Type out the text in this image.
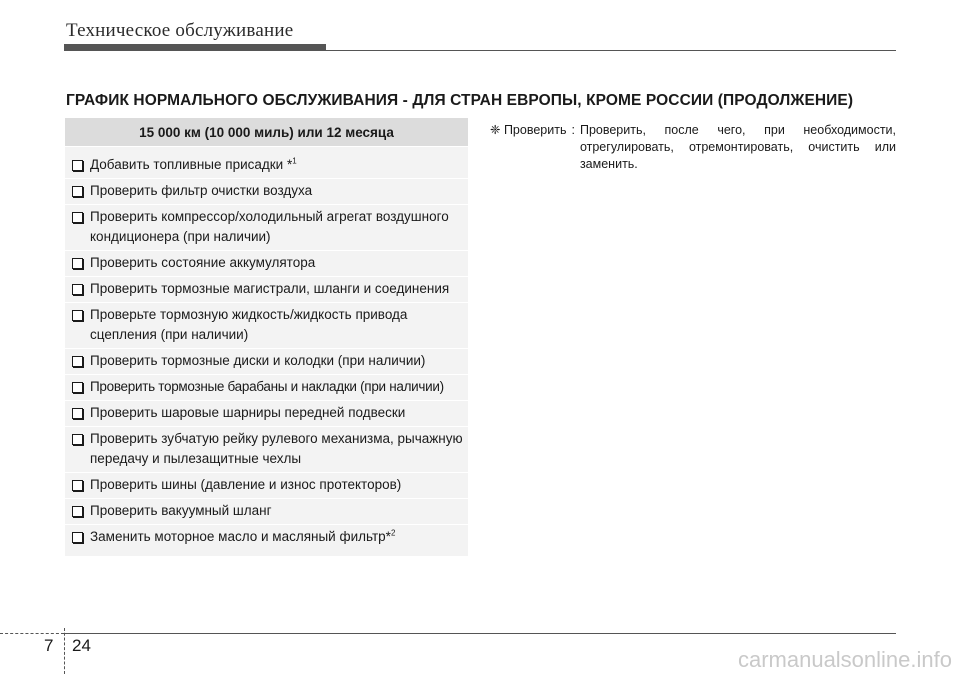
Техническое обслуживание
ГРАФИК НОРМАЛЬНОГО ОБСЛУЖИВАНИЯ - ДЛЯ СТРАН ЕВРОПЫ, КРОМЕ РОССИИ (ПРОДОЛЖЕНИЕ)
15 000 км (10 000 миль) или 12 месяца
Добавить топливные присадки *$^1$
Проверить фильтр очистки воздуха
Проверить компрессор/холодильный агрегат воздушного кондиционера (при наличии)
Проверить состояние аккумулятора
Проверить тормозные магистрали, шланги и соединения
Проверьте тормозную жидкость/жидкость привода сцепления (при наличии)
Проверить тормозные диски и колодки (при наличии)
Проверить тормозные барабаны и накладки (при наличии)
Проверить шаровые шарниры передней подвески
Проверить зубчатую рейку рулевого механизма, рычажную передачу и пылезащитные чехлы
Проверить шины (давление и износ протекторов)
Проверить вакуумный шланг
Заменить моторное масло и масляный фильтр*$^2$
❈ Проверить : Проверить, после чего, при необходимости, отрегулировать, отремонтировать, очистить или заменить.
7 24
carmanualsonline.info
